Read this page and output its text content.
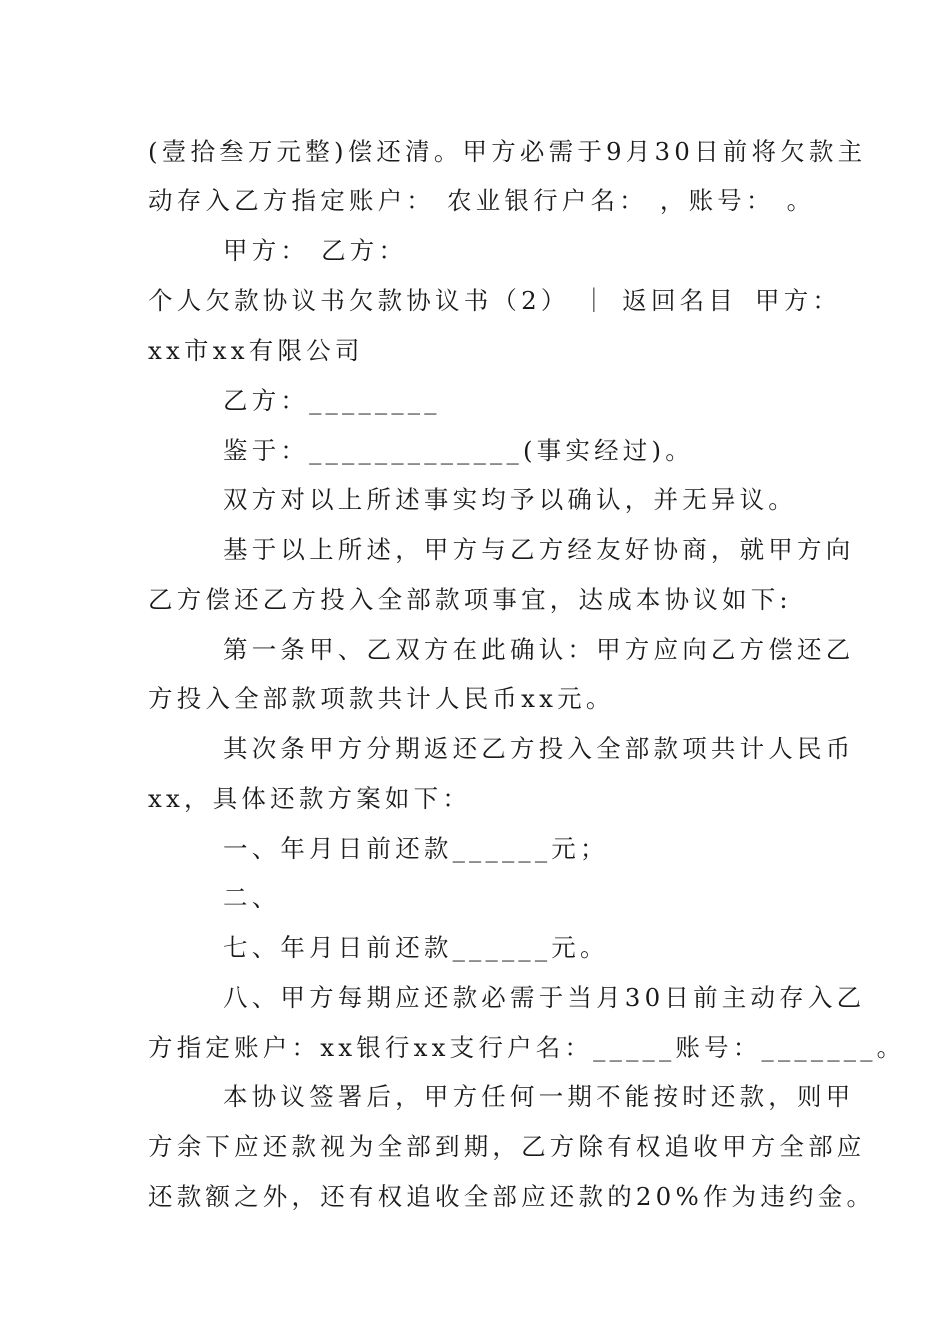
(壹拾叁万元整)偿还清。甲方必需于9月30日前将欠款主
动存入乙方指定账户： 农业银行户名： ，账号： 。
甲方： 乙方：
个人欠款协议书欠款协议书（2） ｜ 返回名目 甲方：
xx市xx有限公司
乙方：________
鉴于：_____________(事实经过)。
双方对以上所述事实均予以确认，并无异议。
基于以上所述，甲方与乙方经友好协商，就甲方向
乙方偿还乙方投入全部款项事宜，达成本协议如下:
第一条甲、乙双方在此确认：甲方应向乙方偿还乙
方投入全部款项款共计人民币xx元。
其次条甲方分期返还乙方投入全部款项共计人民币
xx，具体还款方案如下：
一、年月日前还款______元；
二、
七、年月日前还款______元。
八、甲方每期应还款必需于当月30日前主动存入乙
方指定账户：xx银行xx支行户名：_____账号：_______。
本协议签署后，甲方任何一期不能按时还款，则甲
方余下应还款视为全部到期，乙方除有权追收甲方全部应
还款额之外，还有权追收全部应还款的20%作为违约金。
